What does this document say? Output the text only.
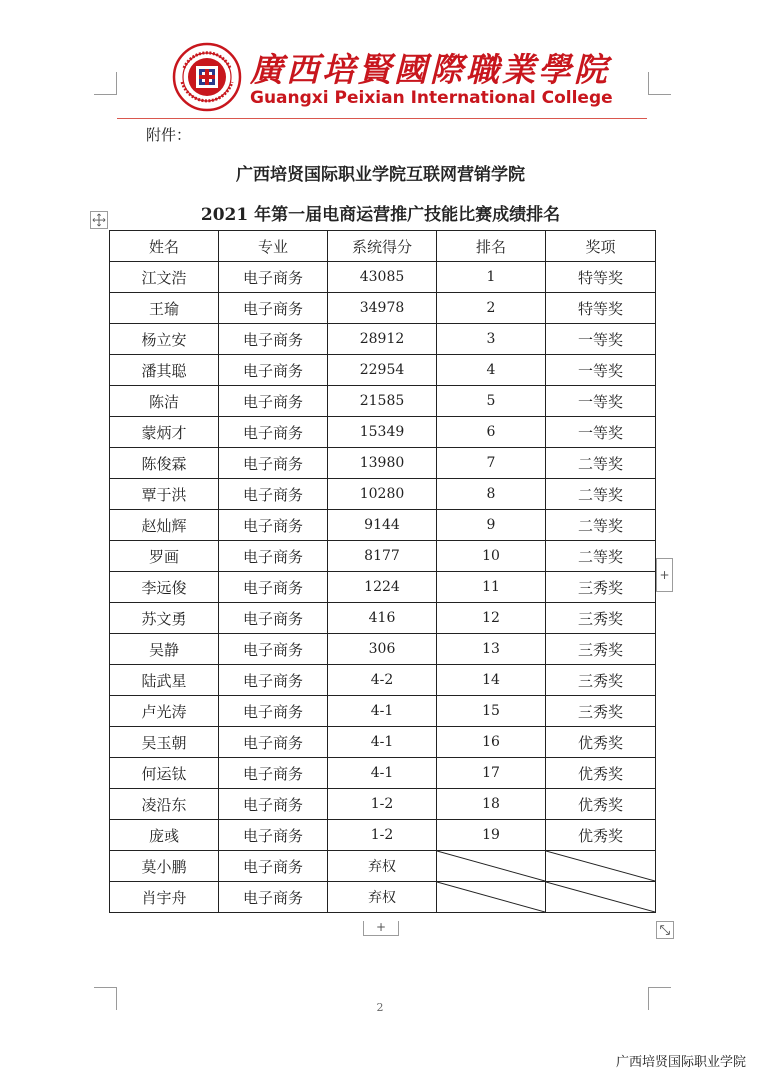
廣西培賢國際職業學院
Guangxi Peixian International College
附件：
广西培贤国际职业学院互联网营销学院
2021 年第一届电商运营推广技能比赛成绩排名
姓名	专业	系统得分	排名	奖项
江文浩	电子商务	43085	1	特等奖
王瑜	电子商务	34978	2	特等奖
杨立安	电子商务	28912	3	一等奖
潘其聪	电子商务	22954	4	一等奖
陈洁	电子商务	21585	5	一等奖
蒙炳才	电子商务	15349	6	一等奖
陈俊霖	电子商务	13980	7	二等奖
覃于洪	电子商务	10280	8	二等奖
赵灿辉	电子商务	9144	9	二等奖
罗画	电子商务	8177	10	二等奖
李远俊	电子商务	1224	11	三秀奖
苏文勇	电子商务	416	12	三秀奖
吴静	电子商务	306	13	三秀奖
陆武星	电子商务	4-2	14	三秀奖
卢光涛	电子商务	4-1	15	三秀奖
吴玉朝	电子商务	4-1	16	优秀奖
何运钛	电子商务	4-1	17	优秀奖
凌沿东	电子商务	1-2	18	优秀奖
庞彧	电子商务	1-2	19	优秀奖
莫小鹏	电子商务	弃权	

肖宇舟	电子商务	弃权	

+
+
2
广西培贤国际职业学院
